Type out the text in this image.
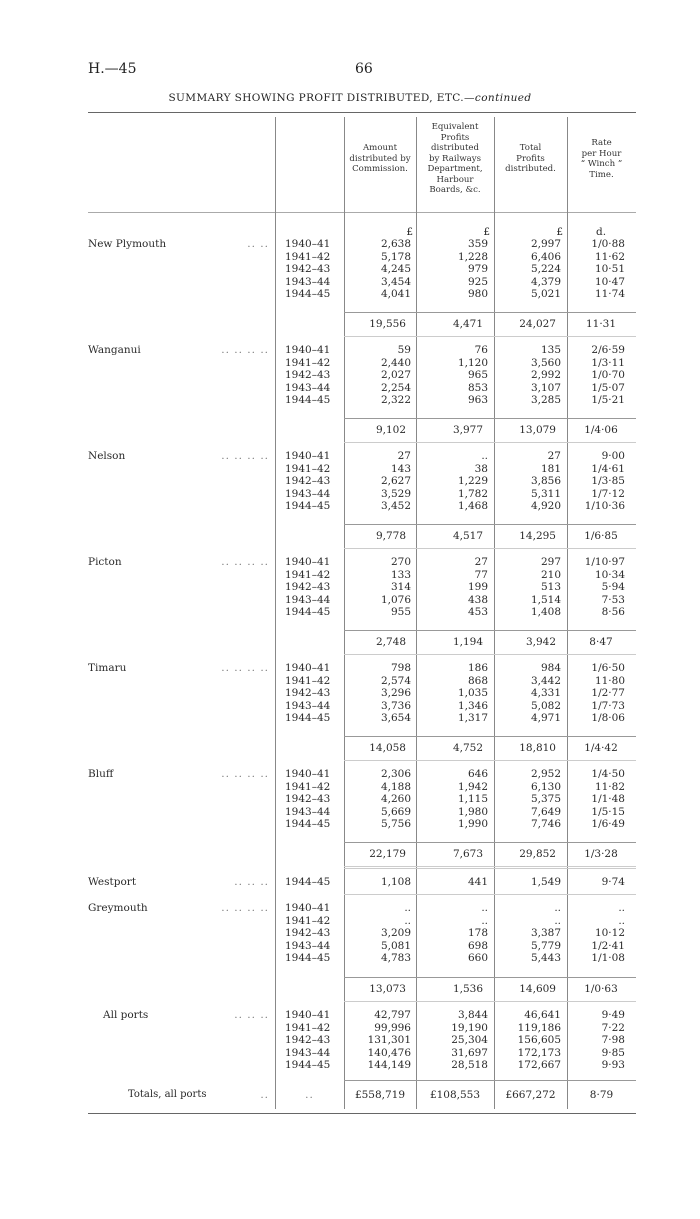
H.—45	66
SUMMARY SHOWING PROFIT DISTRIBUTED, ETC.—continued
Amount
distributed by
Commission.
Equivalent
Profits
distributed
by Railways
Department,
Harbour
Boards, &c.
Total
Profits
distributed.
Rate
per Hour
“ Winch ”
Time.
£	£	£	d.
New Plymouth	.. .. 1940–41	2,638	359	2,997	1/0·88
1941–42	5,178	1,228	6,406	11·62
1942–43	4,245	979	5,224	10·51
1943–44	3,454	925	4,379	10·47
1944–45	4,041	980	5,021	11·74
19,556	4,471	24,027	11·31
Wanganui	.. .. .. .. 1940–41	59	76	135	2/6·59
1941–42	2,440	1,120	3,560	1/3·11
1942–43	2,027	965	2,992	1/0·70
1943–44	2,254	853	3,107	1/5·07
1944–45	2,322	963	3,285	1/5·21
9,102	3,977	13,079	1/4·06
Nelson	.. .. .. .. 1940–41	27	..	27	9·00
1941–42	143	38	181	1/4·61
1942–43	2,627	1,229	3,856	1/3·85
1943–44	3,529	1,782	5,311	1/7·12
1944–45	3,452	1,468	4,920 1/10·36
9,778	4,517	14,295	1/6·85
Picton	.. .. .. .. 1940–41	270	27	297 1/10·97
1941–42	133	77	210	10·34
1942–43	314	199	513	5·94
1943–44	1,076	438	1,514	7·53
1944–45	955	453	1,408	8·56
2,748	1,194	3,942	8·47
Timaru	.. .. .. .. 1940–41	798	186	984	1/6·50
1941–42	2,574	868	3,442	11·80
1942–43	3,296	1,035	4,331	1/2·77
1943–44	3,736	1,346	5,082	1/7·73
1944–45	3,654	1,317	4,971	1/8·06
14,058	4,752	18,810	1/4·42
Bluff	.. .. .. .. 1940–41	2,306	646	2,952	1/4·50
1941–42	4,188	1,942	6,130	11·82
1942–43	4,260	1,115	5,375	1/1·48
1943–44	5,669	1,980	7,649	1/5·15
1944–45	5,756	1,990	7,746	1/6·49
22,179	7,673	29,852	1/3·28
Westport	.. .. .. 1944–45	1,108	441	1,549	9·74
Greymouth	.. .. .. .. 1940–41	..	..	..	..
1941–42	..	..	..	..
1942–43	3,209	178	3,387	10·12
1943–44	5,081	698	5,779	1/2·41
1944–45	4,783	660	5,443	1/1·08
13,073	1,536	14,609	1/0·63
All ports	.. .. .. 1940–41	42,797	3,844	46,641	9·49
1941–42	99,996	19,190	119,186	7·22
1942–43	131,301	25,304	156,605	7·98
1943–44	140,476	31,697	172,173	9·85
1944–45	144,149	28,518	172,667	9·93
Totals, all ports	..	..	£558,719	£108,553	£667,272	8·79
